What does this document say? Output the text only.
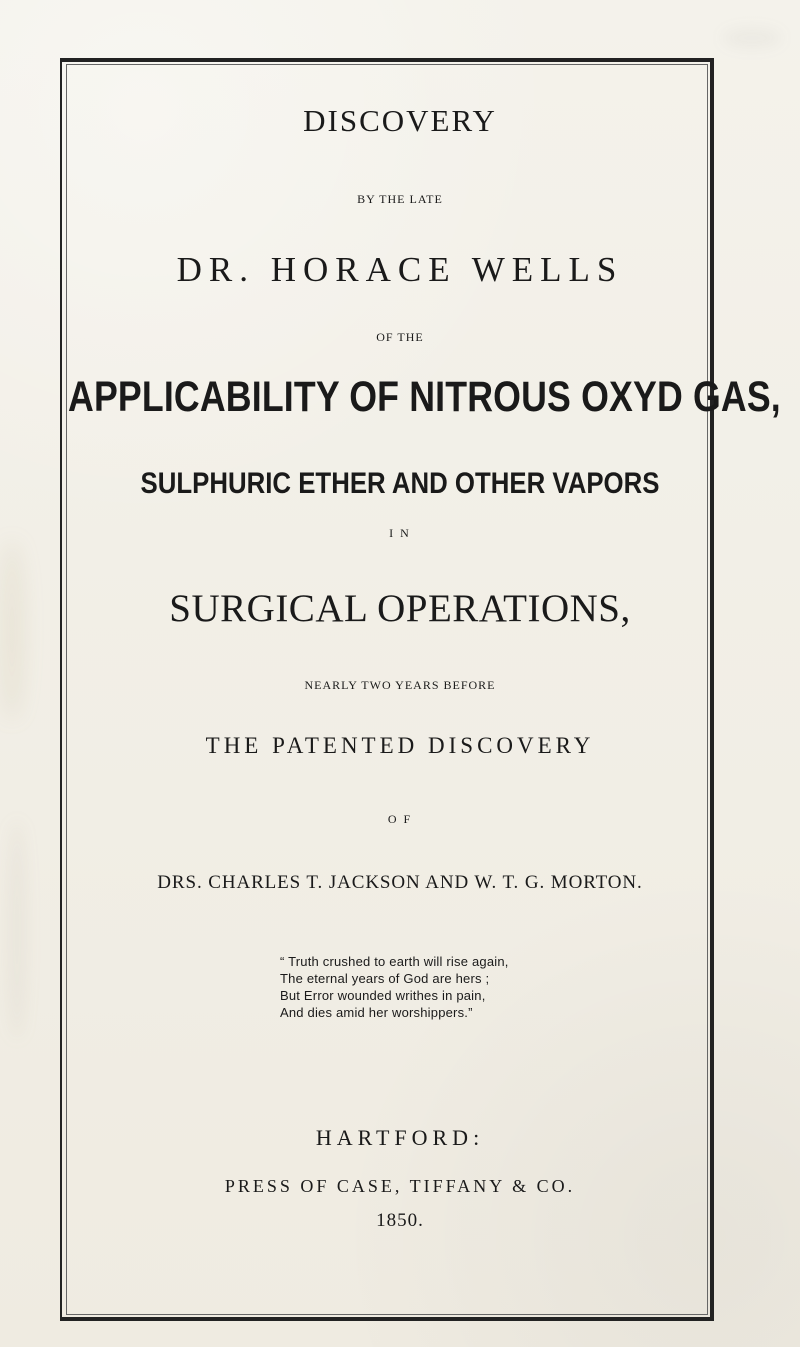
DISCOVERY
BY THE LATE
DR. HORACE WELLS
OF THE
APPLICABILITY OF NITROUS OXYD GAS,
SULPHURIC ETHER AND OTHER VAPORS
I N
SURGICAL OPERATIONS,
NEARLY TWO YEARS BEFORE
THE PATENTED DISCOVERY
O F
DRS. CHARLES T. JACKSON AND W. T. G. MORTON.
“ Truth crushed to earth will rise again,
The eternal years of God are hers ;
But Error wounded writhes in pain,
And dies amid her worshippers.”
HARTFORD:
PRESS OF CASE, TIFFANY & CO.
1850.
